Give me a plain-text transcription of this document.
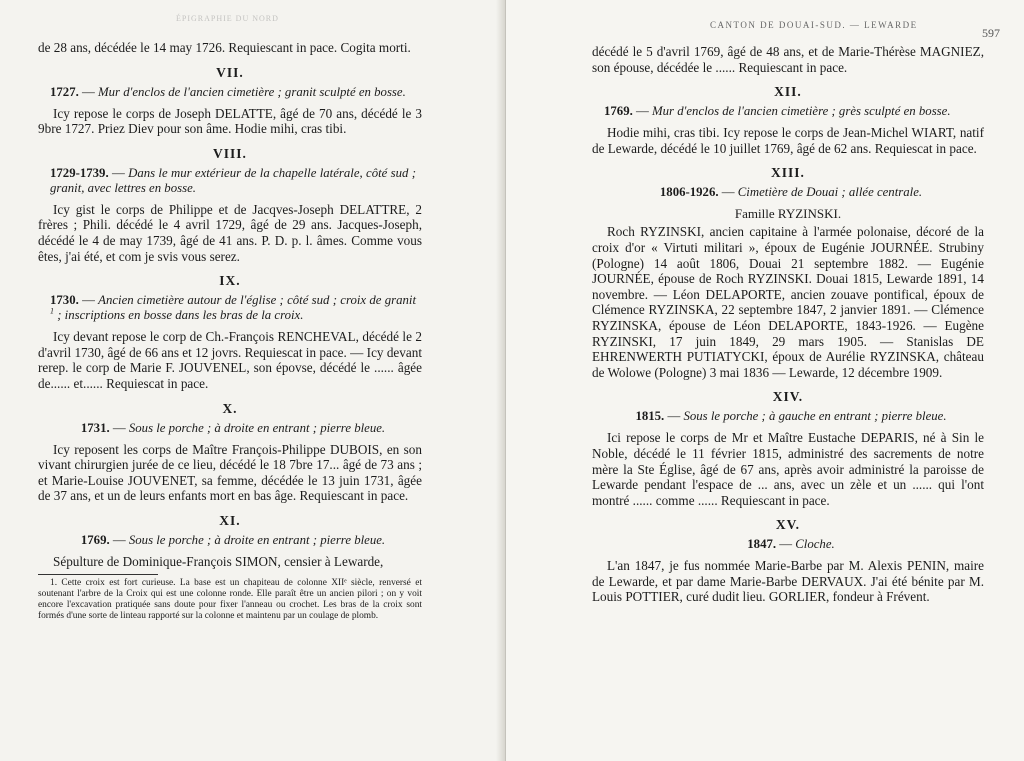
ÉPIGRAPHIE DU NORD

de 28 ans, décédée le 14 may 1726. Requiescant in pace. Cogita morti.

VII.
1727. — Mur d'enclos de l'ancien cimetière ; granit sculpté en bosse.

Icy repose le corps de Joseph DELATTE, âgé de 70 ans, décédé le 3 9bre 1727. Priez Diev pour son âme. Hodie mihi, cras tibi.

VIII.
1729-1739. — Dans le mur extérieur de la chapelle latérale, côté sud ; granit, avec lettres en bosse.

Icy gist le corps de Philippe et de Jacqves-Joseph DELATTRE, 2 frères ; Phili. décédé le 4 avril 1729, âgé de 29 ans. Jacques-Joseph, décédé le 4 de may 1739, âgé de 41 ans. P. D. p. l. âmes. Comme vous êtes, j'ai été, et com je svis vous serez.

IX.
1730. — Ancien cimetière autour de l'église ; côté sud ; croix de granit $^1$ ; inscriptions en bosse dans les bras de la croix.

Icy devant repose le corp de Ch.-François RENCHEVAL, décédé le 2 d'avril 1730, âgé de 66 ans et 12 jovrs. Requiescat in pace. — Icy devant rerep. le corp de Marie F. JOUVENEL, son épovse, décédé le ...... âgée de...... et...... Requiescat in pace.

X.
1731. — Sous le porche ; à droite en entrant ; pierre bleue.

Icy reposent les corps de Maître François-Philippe DUBOIS, en son vivant chirurgien jurée de ce lieu, décédé le 18 7bre 17... âgé de 73 ans ; et Marie-Louise JOUVENET, sa femme, décédée le 13 juin 1731, âgée de 37 ans, et un de leurs enfants mort en bas âge. Requiescant in pace.

XI.
1769. — Sous le porche ; à droite en entrant ; pierre bleue.

Sépulture de Dominique-François SIMON, censier à Lewarde,

1. Cette croix est fort curieuse. La base est un chapiteau de colonne XIIᵉ siècle, renversé et soutenant l'arbre de la Croix qui est une colonne ronde. Elle paraît être un ancien pilori ; on y voit encore l'excavation pratiquée sans doute pour fixer l'anneau ou crochet. Les bras de la croix sont formés d'une sorte de linteau rapporté sur la colonne et maintenu par un coulage de plomb.
CANTON DE DOUAI-SUD. — LEWARDE
597

décédé le 5 d'avril 1769, âgé de 48 ans, et de Marie-Thérèse MAGNIEZ, son épouse, décédée le ...... Requiescant in pace.

XII.
1769. — Mur d'enclos de l'ancien cimetière ; grès sculpté en bosse.

Hodie mihi, cras tibi. Icy repose le corps de Jean-Michel WIART, natif de Lewarde, décédé le 10 juillet 1769, âgé de 62 ans. Requiescat in pace.

XIII.
1806-1926. — Cimetière de Douai ; allée centrale.
Famille RYZINSKI.

Roch RYZINSKI, ancien capitaine à l'armée polonaise, décoré de la croix d'or « Virtuti militari », époux de Eugénie JOURNÉE. Strubiny (Pologne) 14 août 1806, Douai 21 septembre 1882. — Eugénie JOURNÉE, épouse de Roch RYZINSKI. Douai 1815, Lewarde 1891, 14 novembre. — Léon DELAPORTE, ancien zouave pontifical, époux de Clémence RYZINSKA, 22 septembre 1847, 2 janvier 1891. — Clémence RYZINSKA, épouse de Léon DELAPORTE, 1843-1926. — Eugène RYZINSKI, 17 juin 1849, 29 mars 1905. — Stanislas DE EHRENWERTH PUTIATYCKI, époux de Aurélie RYZINSKA, château de Wolowe (Pologne) 3 mai 1836 — Lewarde, 12 décembre 1909.

XIV.
1815. — Sous le porche ; à gauche en entrant ; pierre bleue.

Ici repose le corps de Mr et Maître Eustache DEPARIS, né à Sin le Noble, décédé le 11 février 1815, administré des sacrements de notre mère la Ste Église, âgé de 67 ans, après avoir administré la paroisse de Lewarde pendant l'espace de ... ans, avec un zèle et un ...... qui l'ont montré ...... comme ...... Requiescant in pace.

XV.
1847. — Cloche.

L'an 1847, je fus nommée Marie-Barbe par M. Alexis PENIN, maire de Lewarde, et par dame Marie-Barbe DERVAUX. J'ai été bénite par M. Louis POTTIER, curé dudit lieu. GORLIER, fondeur à Frévent.
